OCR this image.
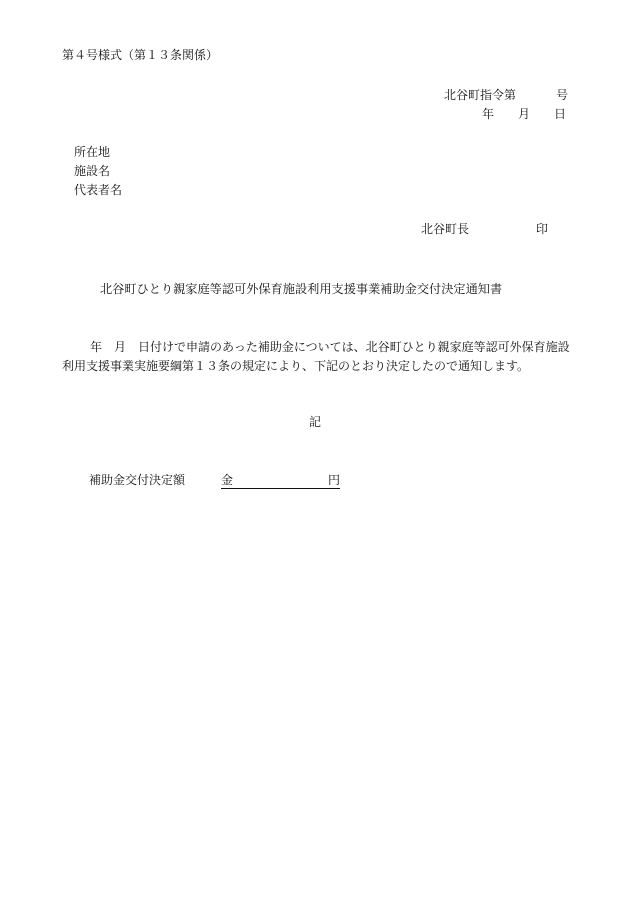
第４号様式（第１３条関係）
北谷町指令第	号
年 月 日
所在地
施設名
代表者名
北谷町長	印
北谷町ひとり親家庭等認可外保育施設利用支援事業補助金交付決定通知書
年　月　日付けで申請のあった補助金については、北谷町ひとり親家庭等認可外保育施設利用支援事業実施要綱第１３条の規定により、下記のとおり決定したので通知します。
記
補助金交付決定額	金	円
